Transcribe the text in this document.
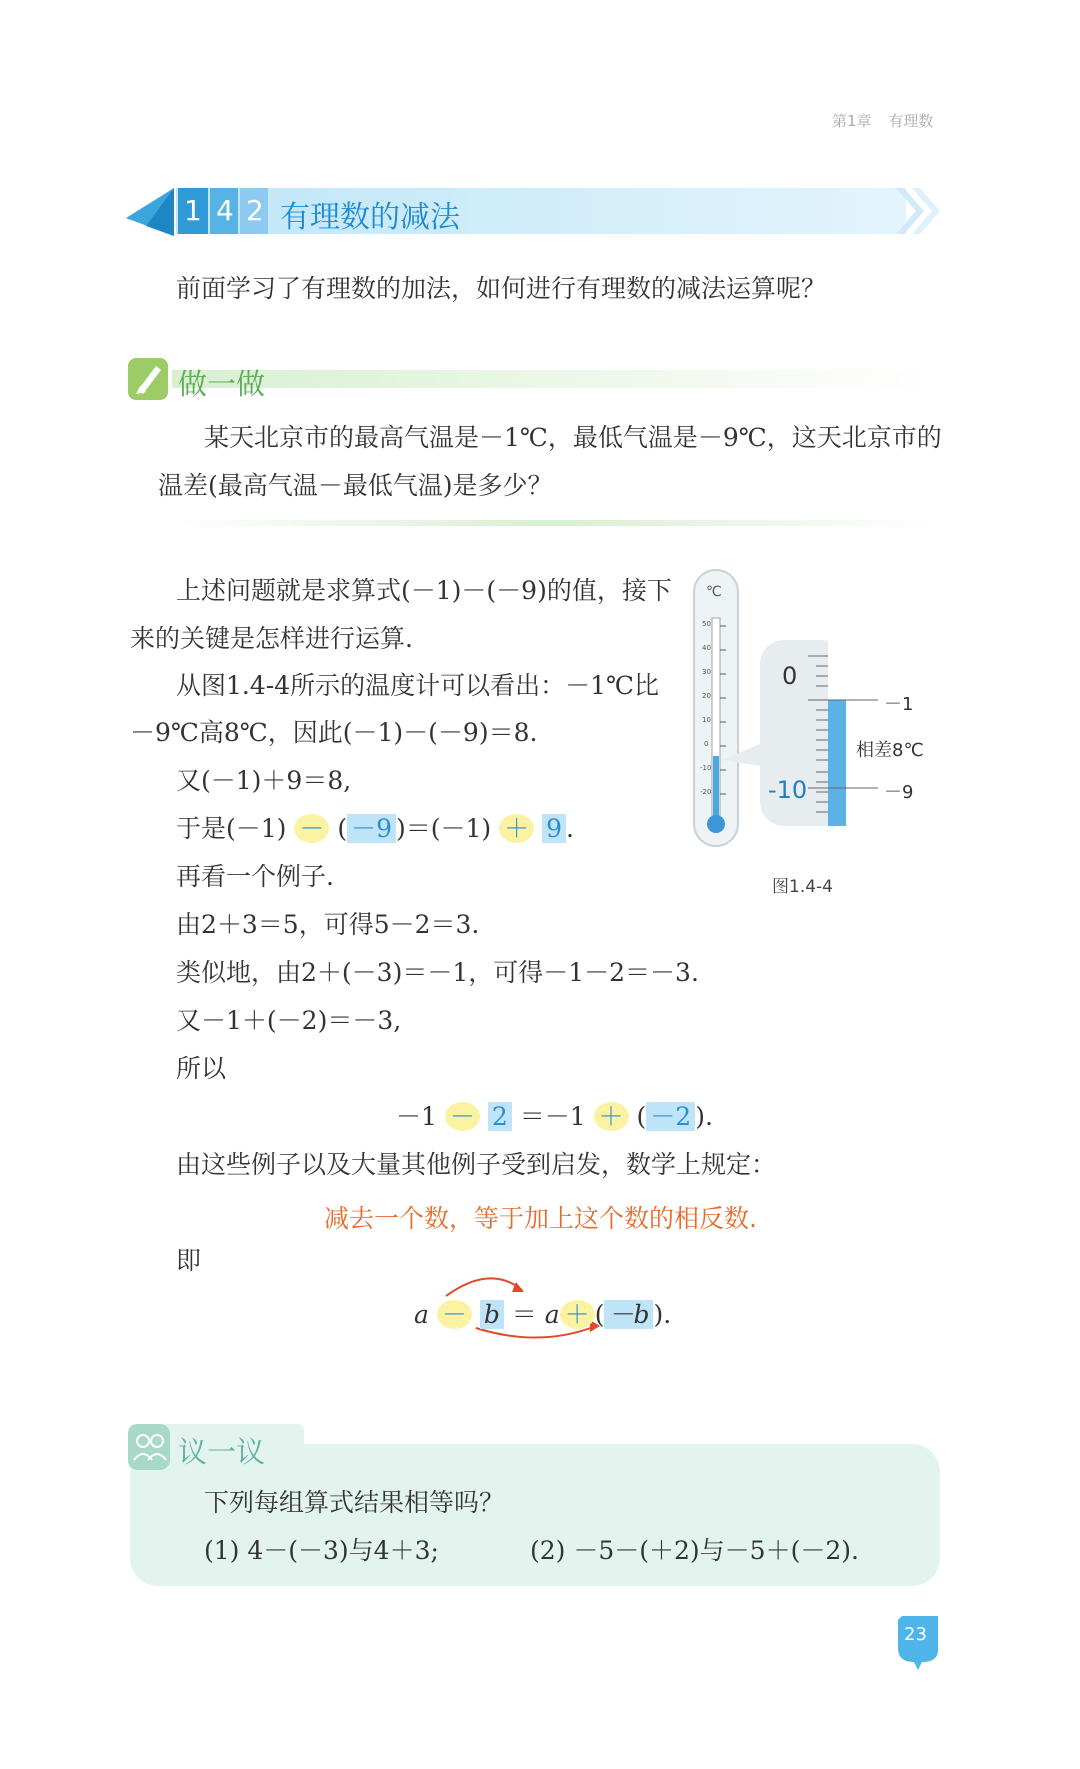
第1章 有理数
1 4 2 有理数的减法
前面学习了有理数的加法，如何进行有理数的减法运算呢？
做一做
某天北京市的最高气温是－1℃，最低气温是－9℃，这天北京市的
温差(最高气温－最低气温)是多少？
上述问题就是求算式(－1)－(－9)的值，接下
来的关键是怎样进行运算.
从图1.4-4所示的温度计可以看出：－1℃比
－9℃高8℃，因此(－1)－(－9)＝8.
又(－1)＋9＝8,
于是(－1) － ( －9 )＝(－1) ＋ 9 .
再看一个例子.
由2＋3＝5，可得5－2＝3.
类似地，由2＋(－3)＝－1，可得－1－2＝－3.
又－1＋(－2)＝－3,
所以
－1 － 2 ＝－1 ＋ ( －2 ).
由这些例子以及大量其他例子受到启发，数学上规定：
减去一个数，等于加上这个数的相反数.
即
a － b ＝ a ＋ ( －b ).
℃
50
40
30
20
10
0
-10
-20
0
-10
－1
－9
相差8℃
图1.4-4
议一议
下列每组算式结果相等吗？
(1) 4－(－3)与4＋3;	(2) －5－(＋2)与－5＋(－2).
23
